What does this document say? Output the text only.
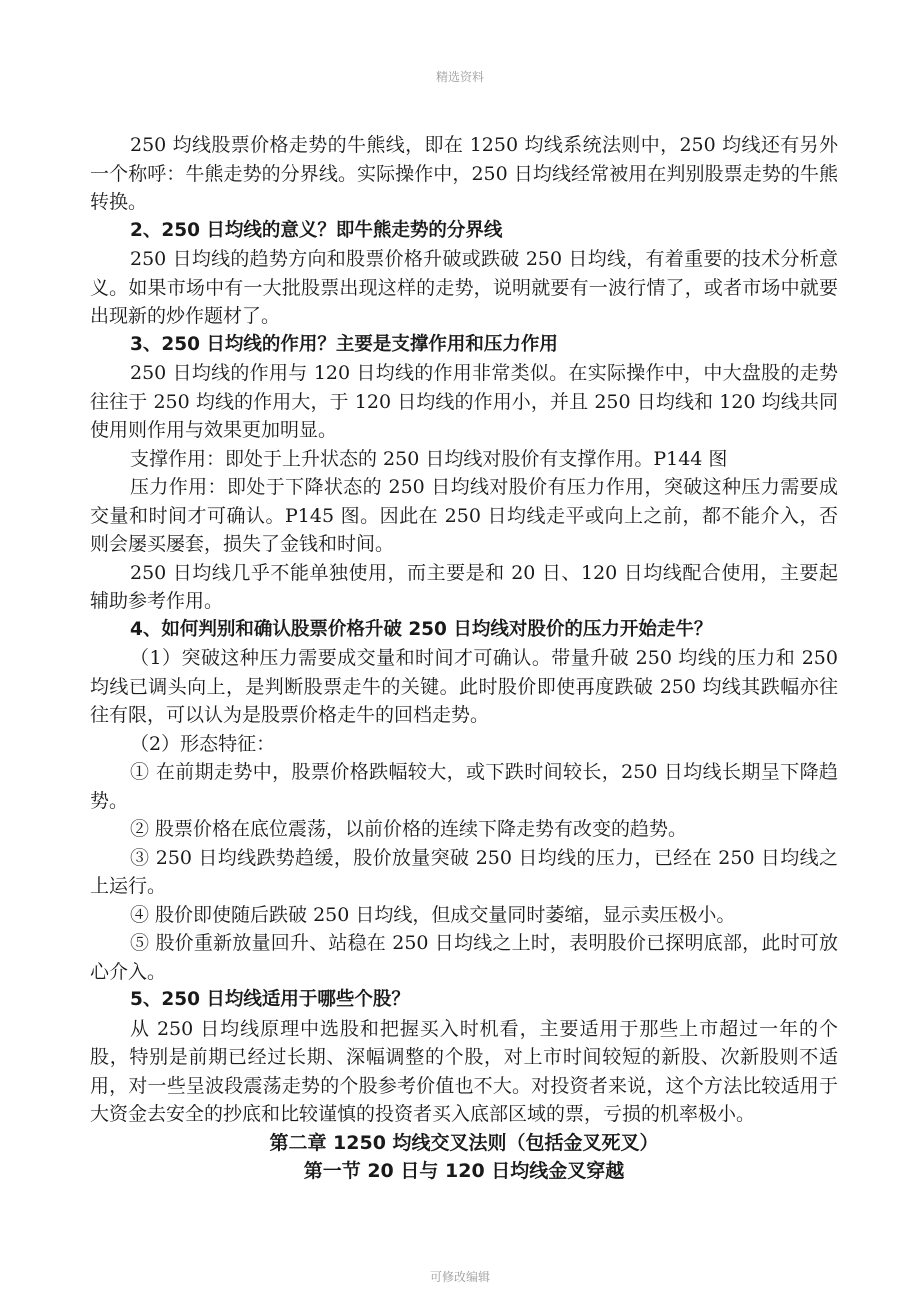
精选资料

250 均线股票价格走势的牛熊线，即在 1250 均线系统法则中，250 均线还有另外一个称呼：牛熊走势的分界线。实际操作中，250 日均线经常被用在判别股票走势的牛熊转换。

2、250 日均线的意义？即牛熊走势的分界线

250 日均线的趋势方向和股票价格升破或跌破 250 日均线，有着重要的技术分析意义。如果市场中有一大批股票出现这样的走势，说明就要有一波行情了，或者市场中就要出现新的炒作题材了。

3、250 日均线的作用？主要是支撑作用和压力作用

250 日均线的作用与 120 日均线的作用非常类似。在实际操作中，中大盘股的走势往往于 250 均线的作用大，于 120 日均线的作用小，并且 250 日均线和 120 均线共同使用则作用与效果更加明显。

支撑作用：即处于上升状态的 250 日均线对股价有支撑作用。P144 图

压力作用：即处于下降状态的 250 日均线对股价有压力作用，突破这种压力需要成交量和时间才可确认。P145 图。因此在 250 日均线走平或向上之前，都不能介入，否则会屡买屡套，损失了金钱和时间。

250 日均线几乎不能单独使用，而主要是和 20 日、120 日均线配合使用，主要起辅助参考作用。

4、如何判别和确认股票价格升破 250 日均线对股价的压力开始走牛？

（1）突破这种压力需要成交量和时间才可确认。带量升破 250 均线的压力和 250 均线已调头向上，是判断股票走牛的关键。此时股价即使再度跌破 250 均线其跌幅亦往往有限，可以认为是股票价格走牛的回档走势。

（2）形态特征：

① 在前期走势中，股票价格跌幅较大，或下跌时间较长，250 日均线长期呈下降趋势。

② 股票价格在底位震荡，以前价格的连续下降走势有改变的趋势。

③ 250 日均线跌势趋缓，股价放量突破 250 日均线的压力，已经在 250 日均线之上运行。

④ 股价即使随后跌破 250 日均线，但成交量同时萎缩，显示卖压极小。

⑤ 股价重新放量回升、站稳在 250 日均线之上时，表明股价已探明底部，此时可放心介入。

5、250 日均线适用于哪些个股？

从 250 日均线原理中选股和把握买入时机看，主要适用于那些上市超过一年的个股，特别是前期已经过长期、深幅调整的个股，对上市时间较短的新股、次新股则不适用，对一些呈波段震荡走势的个股参考价值也不大。对投资者来说，这个方法比较适用于大资金去安全的抄底和比较谨慎的投资者买入底部区域的票，亏损的机率极小。

第二章 1250 均线交叉法则（包括金叉死叉）

第一节 20 日与 120 日均线金叉穿越

可修改编辑
